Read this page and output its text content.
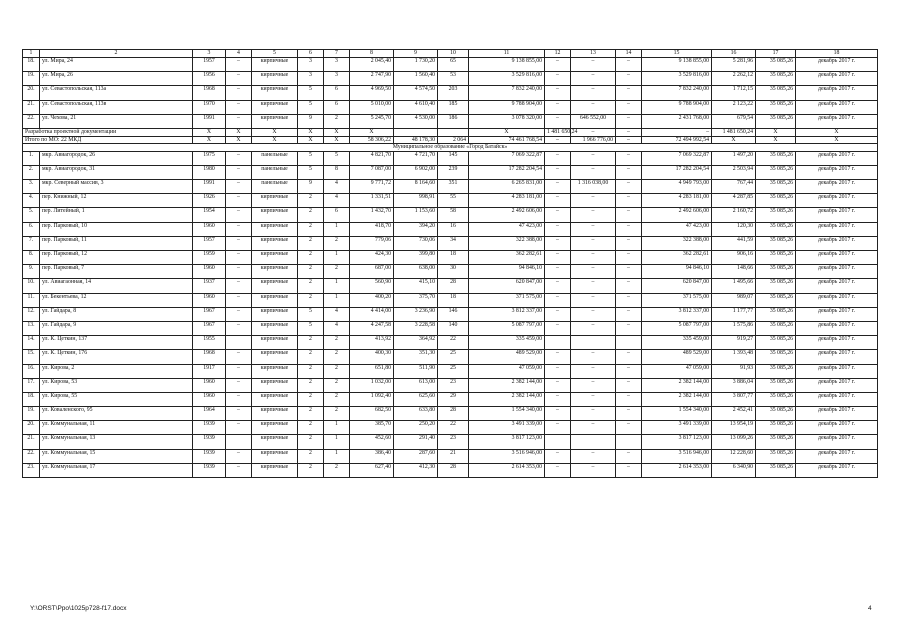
1	2	3	4	5	6	7	8	9	10	11	12	13	14	15	16	17	18	
18.	ул. Мира, 24	1957	–	кирпичные	3	3	2 045,40	1 730,20	65	9 138 855,00	–	–	–	9 138 855,00	5 281,96	35 085,26	декабрь 2017 г.	
19.	ул. Мира, 26	1956	–	кирпичные	3	3	2 747,90	1 560,40	53	3 529 816,00	–	–	–	3 529 816,00	2 262,12	35 085,26	декабрь 2017 г.	
20.	ул. Севастопольская, 113а	1968	–	кирпичные	5	6	4 969,50	4 574,50	203	7 832 240,00	–	–	–	7 832 240,00	1 712,15	35 085,26	декабрь 2017 г.	
21.	ул. Севастопольская, 113в	1970	–	кирпичные	5	6	5 010,00	4 610,40	185	9 788 904,00	–	–	–	9 788 904,00	2 123,22	35 085,26	декабрь 2017 г.	
22.	ул. Чехова, 21	1991	–	кирпичные	9	2	5 245,70	4 530,00	186	3 078 320,00	–	646 552,00	–	2 431 768,00	679,54	35 085,26	декабрь 2017 г.	
Разработка проектной документации		X	X	X	X	X	X			X	1 481 650,24	–	–	–	1 481 650,24	X	X	
Итого по МО: 22 МКД		X	X	X	X	X	58 306,22	48 178,30	2 064	74 461 768,54	–	1 966 776,00	–	72 494 992,54	X	X	X	
Муниципальное образование «Город Батайск»																		
1.	мкр. Авиагородок, 26	1975	–	панельные	5	5	4 821,70	4 721,70	145	7 069 322,87	–	–	–	7 069 322,87	1 497,20	35 085,26	декабрь 2017 г.	
2.	мкр. Авиагородок, 31	1980	–	панельные	5	8	7 087,00	6 902,00	239	17 282 204,54	–	–	–	17 282 204,54	2 503,94	35 085,26	декабрь 2017 г.	
3.	мкр. Северный массив, 3	1991	–	панельные	9	4	9 771,72	8 164,60	351	6 265 831,00	–	1 316 038,00	–	4 949 793,00	767,44	35 085,26	декабрь 2017 г.	
4.	пер. Книжный, 12	1926	–	кирпичные	2	4	1 331,51	998,91	55	4 283 181,00	–	–	–	4 283 181,00	4 287,85	35 085,26	декабрь 2017 г.	
5.	пер. Литейный, 1	1954	–	кирпичные	2	6	1 432,70	1 153,60	58	2 492 606,00	–	–	–	2 492 606,00	2 160,72	35 085,26	декабрь 2017 г.	
6.	пер. Парковый, 10	1960	–	кирпичные	2	1	418,70	394,20	16	47 423,00	–	–	–	47 423,00	120,30	35 085,26	декабрь 2017 г.	
7.	пер. Парковый, 11	1957	–	кирпичные	2	2	779,06	730,06	34	322 388,00	–	–	–	322 388,00	441,59	35 085,26	декабрь 2017 г.	
8.	пер. Парковый, 12	1959	–	кирпичные	2	1	424,30	399,80	18	362 282,61	–	–	–	362 282,61	906,16	35 085,26	декабрь 2017 г.	
9.	пер. Парковый, 7	1960	–	кирпичные	2	2	687,00	638,00	30	94 846,10	–	–	–	94 846,10	148,66	35 085,26	декабрь 2017 г.	
10.	ул. Авиагаонная, 14	1937	–	кирпичные	2	1	560,90	415,10	28	620 847,00	–	–	–	620 847,00	1 495,66	35 085,26	декабрь 2017 г.	
11.	ул. Бекентьева, 12	1960	–	кирпичные	2	1	400,20	375,70	18	371 575,00	–	–	–	371 575,00	989,07	35 085,26	декабрь 2017 г.	
12.	ул. Гайдара, 8	1967	–	кирпичные	5	4	4 414,00	3 236,90	146	3 812 337,00	–	–	–	3 812 337,00	1 177,77	35 085,26	декабрь 2017 г.	
13.	ул. Гайдара, 9	1967	–	кирпичные	5	4	4 247,58	3 228,58	140	5 087 797,00	–	–	–	5 087 797,00	1 575,86	35 085,26	декабрь 2017 г.	
14.	ул. К. Цеткин, 137	1955		кирпичные	2	2	413,92	364,92	22	335 459,00				335 459,00	919,27	35 085,26	декабрь 2017 г.	
15.	ул. К. Цеткин, 176	1968	–	кирпичные	2	2	400,30	351,30	25	489 529,00	–	–	–	489 529,00	1 393,48	35 085,26	декабрь 2017 г.	
16.	ул. Кирова, 2	1917	–	кирпичные	2	2	651,80	511,90	25	47 059,00	–	–	–	47 059,00	91,93	35 085,26	декабрь 2017 г.	
17.	ул. Кирова, 53	1960	–	кирпичные	2	2	1 032,00	613,00	23	2 382 144,00	–	–	–	2 382 144,00	3 886,04	35 085,26	декабрь 2017 г.	
18.	ул. Кирова, 55	1960	–	кирпичные	2	2	1 092,40	625,60	29	2 382 144,00	–	–	–	2 382 144,00	3 807,77	35 085,26	декабрь 2017 г.	
19.	ул. Коваленского, 95	1964	–	кирпичные	2	2	682,50	633,80	28	1 554 340,00	–	–	–	1 554 340,00	2 452,41	35 085,26	декабрь 2017 г.	
20.	ул. Коммунальная, 11	1939	–	кирпичные	2	1	385,70	250,20	22	3 491 339,00	–	–	–	3 491 339,00	13 954,19	35 085,26	декабрь 2017 г.	
21.	ул. Коммунальная, 13	1939		кирпичные	2	1	452,60	291,40	23	3 817 123,00				3 817 123,00	13 099,26	35 085,26	декабрь 2017 г.	
22.	ул. Коммунальная, 15	1939	–	кирпичные	2	1	386,40	287,60	21	3 516 946,00	–	–	–	3 516 946,00	12 228,60	35 085,26	декабрь 2017 г.	
23.	ул. Коммунальная, 17	1939	–	кирпичные	2	2	627,40	412,30	28	2 614 353,00	–	–	–	2 614 353,00	6 340,90	35 085,26	декабрь 2017 г.	
Y:\ORST\Ppo\1025p728-f17.docx	4
